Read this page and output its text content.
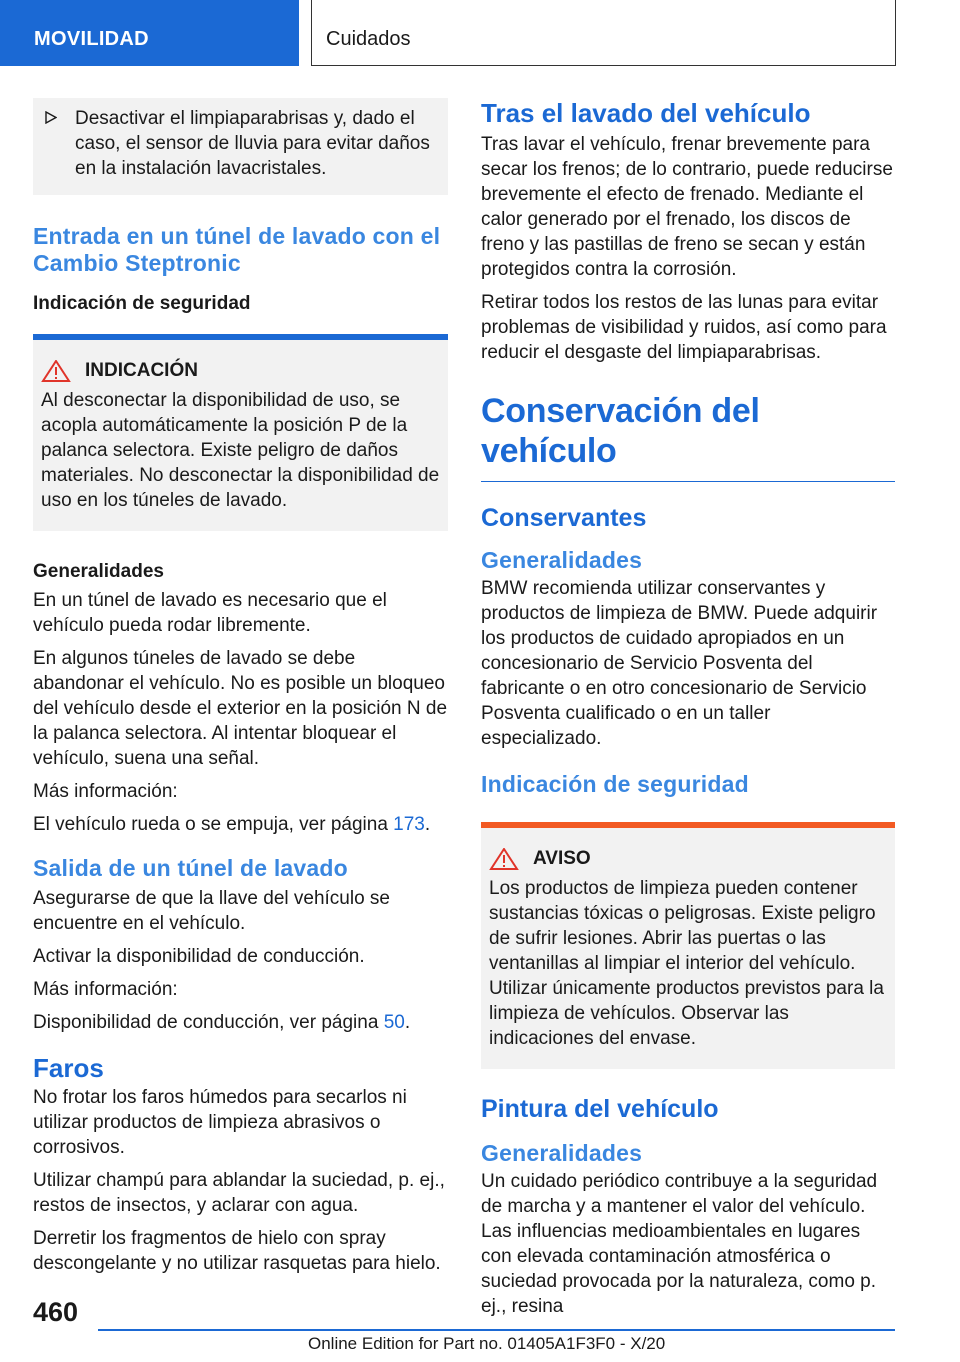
MOVILIDAD	Cuidados
Desactivar el limpiaparabrisas y, dado el caso, el sensor de lluvia para evitar daños en la instalación lavacristales.
Entrada en un túnel de lavado con el Cambio Steptronic
Indicación de seguridad
INDICACIÓN
Al desconectar la disponibilidad de uso, se acopla automáticamente la posición P de la palanca selectora. Existe peligro de daños materiales. No desconectar la disponibilidad de uso en los túneles de lavado.
Generalidades
En un túnel de lavado es necesario que el vehículo pueda rodar libremente.
En algunos túneles de lavado se debe abandonar el vehículo. No es posible un bloqueo del vehículo desde el exterior en la posición N de la palanca selectora. Al intentar bloquear el vehículo, suena una señal.
Más información:
El vehículo rueda o se empuja, ver página 173.
Salida de un túnel de lavado
Asegurarse de que la llave del vehículo se encuentre en el vehículo.
Activar la disponibilidad de conducción.
Más información:
Disponibilidad de conducción, ver página 50.
Faros
No frotar los faros húmedos para secarlos ni utilizar productos de limpieza abrasivos o corrosivos.
Utilizar champú para ablandar la suciedad, p. ej., restos de insectos, y aclarar con agua.
Derretir los fragmentos de hielo con spray descongelante y no utilizar rasquetas para hielo.
Tras el lavado del vehículo
Tras lavar el vehículo, frenar brevemente para secar los frenos; de lo contrario, puede reducirse brevemente el efecto de frenado. Mediante el calor generado por el frenado, los discos de freno y las pastillas de freno se secan y están protegidos contra la corrosión.
Retirar todos los restos de las lunas para evitar problemas de visibilidad y ruidos, así como para reducir el desgaste del limpiaparabrisas.
Conservación del vehículo
Conservantes
Generalidades
BMW recomienda utilizar conservantes y productos de limpieza de BMW. Puede adquirir los productos de cuidado apropiados en un concesionario de Servicio Posventa del fabricante o en otro concesionario de Servicio Posventa cualificado o en un taller especializado.
Indicación de seguridad
AVISO
Los productos de limpieza pueden contener sustancias tóxicas o peligrosas. Existe peligro de sufrir lesiones. Abrir las puertas o las ventanillas al limpiar el interior del vehículo. Utilizar únicamente productos previstos para la limpieza de vehículos. Observar las indicaciones del envase.
Pintura del vehículo
Generalidades
Un cuidado periódico contribuye a la seguridad de marcha y a mantener el valor del vehículo. Las influencias medioambientales en lugares con elevada contaminación atmosférica o suciedad provocada por la naturaleza, como p. ej., resina
460
Online Edition for Part no. 01405A1F3F0 - X/20
